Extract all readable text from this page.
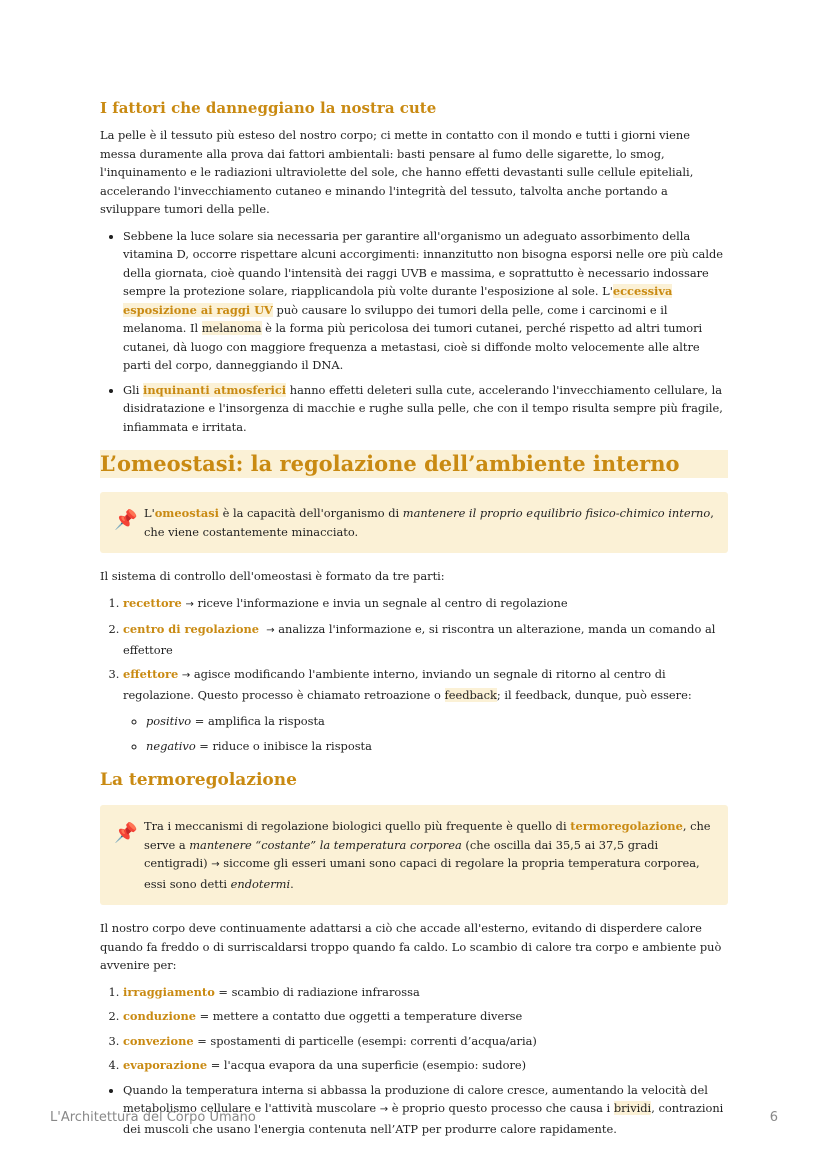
I fattori che danneggiano la nostra cute

La pelle è il tessuto più esteso del nostro corpo; ci mette in contatto con il mondo e tutti i giorni viene messa duramente alla prova dai fattori ambientali: basti pensare al fumo delle sigarette, lo smog, l'inquinamento e le radiazioni ultraviolette del sole, che hanno effetti devastanti sulle cellule epiteliali, accelerando l'invecchiamento cutaneo e minando l'integrità del tessuto, talvolta anche portando a sviluppare tumori della pelle.

• Sebbene la luce solare sia necessaria per garantire all'organismo un adeguato assorbimento della vitamina D, occorre rispettare alcuni accorgimenti: innanzitutto non bisogna esporsi nelle ore più calde della giornata, cioè quando l'intensità dei raggi UVB e massima, e soprattutto è necessario indossare sempre la protezione solare, riapplicandola più volte durante l'esposizione al sole. L'eccessiva esposizione ai raggi UV può causare lo sviluppo dei tumori della pelle, come i carcinomi e il melanoma. Il melanoma è la forma più pericolosa dei tumori cutanei, perché rispetto ad altri tumori cutanei, dà luogo con maggiore frequenza a metastasi, cioè si diffonde molto velocemente alle altre parti del corpo, danneggiando il DNA.
• Gli inquinanti atmosferici hanno effetti deleteri sulla cute, accelerando l'invecchiamento cellulare, la disidratazione e l'insorgenza di macchie e rughe sulla pelle, che con il tempo risulta sempre più fragile, infiammata e irritata.
L’omeostasi: la regolazione dell’ambiente interno
📌 L'omeostasi è la capacità dell'organismo di mantenere il proprio equilibrio fisico-chimico interno, che viene costantemente minacciato.

Il sistema di controllo dell'omeostasi è formato da tre parti:

1. recettore → riceve l'informazione e invia un segnale al centro di regolazione
2. centro di regolazione → analizza l'informazione e, si riscontra un alterazione, manda un comando al effettore
3. effettore → agisce modificando l'ambiente interno, inviando un segnale di ritorno al centro di regolazione. Questo processo è chiamato retroazione o feedback; il feedback, dunque, può essere:
◦ positivo = amplifica la risposta
◦ negativo = riduce o inibisce la risposta
La termoregolazione
📌 Tra i meccanismi di regolazione biologici quello più frequente è quello di termoregolazione, che serve a mantenere “costante” la temperatura corporea (che oscilla dai 35,5 ai 37,5 gradi centigradi) → siccome gli esseri umani sono capaci di regolare la propria temperatura corporea, essi sono detti endotermi.

Il nostro corpo deve continuamente adattarsi a ciò che accade all'esterno, evitando di disperdere calore quando fa freddo o di surriscaldarsi troppo quando fa caldo. Lo scambio di calore tra corpo e ambiente può avvenire per:

1. irraggiamento = scambio di radiazione infrarossa
2. conduzione = mettere a contatto due oggetti a temperature diverse
3. convezione = spostamenti di particelle (esempi: correnti d’acqua/aria)
4. evaporazione = l'acqua evapora da una superficie (esempio: sudore)
• Quando la temperatura interna si abbassa la produzione di calore cresce, aumentando la velocità del metabolismo cellulare e l'attività muscolare → è proprio questo processo che causa i brividi, contrazioni dei muscoli che usano l'energia contenuta nell’ATP per produrre calore rapidamente.
L'Architettura del Corpo Umano	6
